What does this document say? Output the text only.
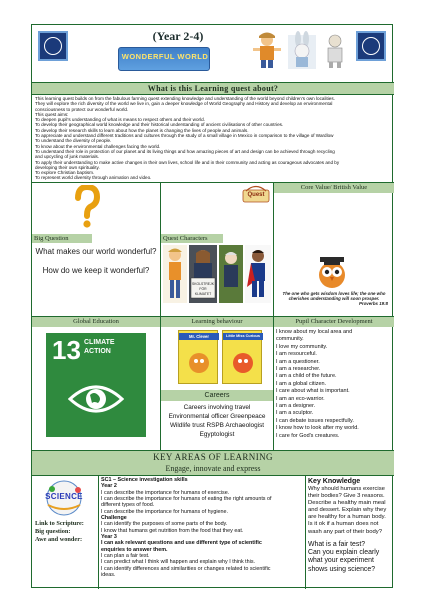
(Year 2-4)
WONDERFUL WORLD
What is this Learning quest about?
This learning quest builds on from the fabulous farming quest extending knowledge and understanding of the world beyond children's own localities.
They will explore the rich diversity of the world we live in, gain a deeper knowledge of World Geography and History and develop an environmental
consciousness to protect our wonderful world.
This quest aims:
To deepen pupil's understanding of what is means to respect others and their world.
To develop their geographical world knowledge and their historical understanding of ancient civilisations of other countries.
To develop their research skills to learn about how the planet is changing the lives of people and animals.
To appreciate and understand different traditions and cultures through the study of a small village in Mexico in comparison to the village of Wardlow
To understand the diversity of people.
To know about the environmental challenges facing the world.
To understand their role in protection of our planet and its living things and how amazing pieces of art and design can be achieved through recycling
and upcycling of junk materials.
To apply their understanding to make active changes in their own lives, school life and in their community and acting as courageous advocates and by
developing their own spirituality.
To explore Christian baptism.
To represent world diversity through animation and video.
Big Question
What makes our world wonderful?
How do we keep it wonderful?
Quest
Quest Characters
SKOLSTREJK
FÖR
KLIMATET
Core Value/ British Value
The one who gets wisdom loves life; the one who cherishes understanding will soon prosper.
Proverbs 19:8
Global Education	Learning behaviour	Pupil Character Development
13 CLIMATE
ACTION
Mr. Clever	Little Miss Curious
Careers
Careers involving travel
Environmental officer Greenpeace
Wildlife trust RSPB Archaeologist
Egyptologist
I know about my local area and
community.
I love my community.
I am resourceful.
I am a questioner.
I am a researcher.
I am a child of the future.
I am a global citizen.
I care about what is important.
I am an eco-warrior.
I am a designer.
I am a sculptor.
I can debate issues respectfully.
I know how to look after my world.
I care for God's creatures.
KEY AREAS OF LEARNING
Engage, innovate and express
SCIENCE
Link to Scripture:
Big question:
Awe and wonder:
SC1 – Science investigation skills
Year 2
I can describe the importance for humans of exercise.
I can describe the importance for humans of eating the right amounts of
different types of food.
I can describe the importance for humans of hygiene.
Challenge
I can identify the purposes of some parts of the body.
I know that humans get nutrition from the food that they eat.
Year 3
I can ask relevant questions and use different type of scientific
enquiries to answer them.
I can plan a fair test.
I can predict what I think will happen and explain why I think this.
I can identify differences and similarities or changes related to scientific
ideas.
Key Knowledge
Why should humans exercise
their bodies? Give 3 reasons.
Describe a healthy main meal
and dessert. Explain why they
are healthy for a human body.
Is it ok if a human does not
wash any part of their body?
What is a fair test?
Can you explain clearly
what your experiment
shows using science?
